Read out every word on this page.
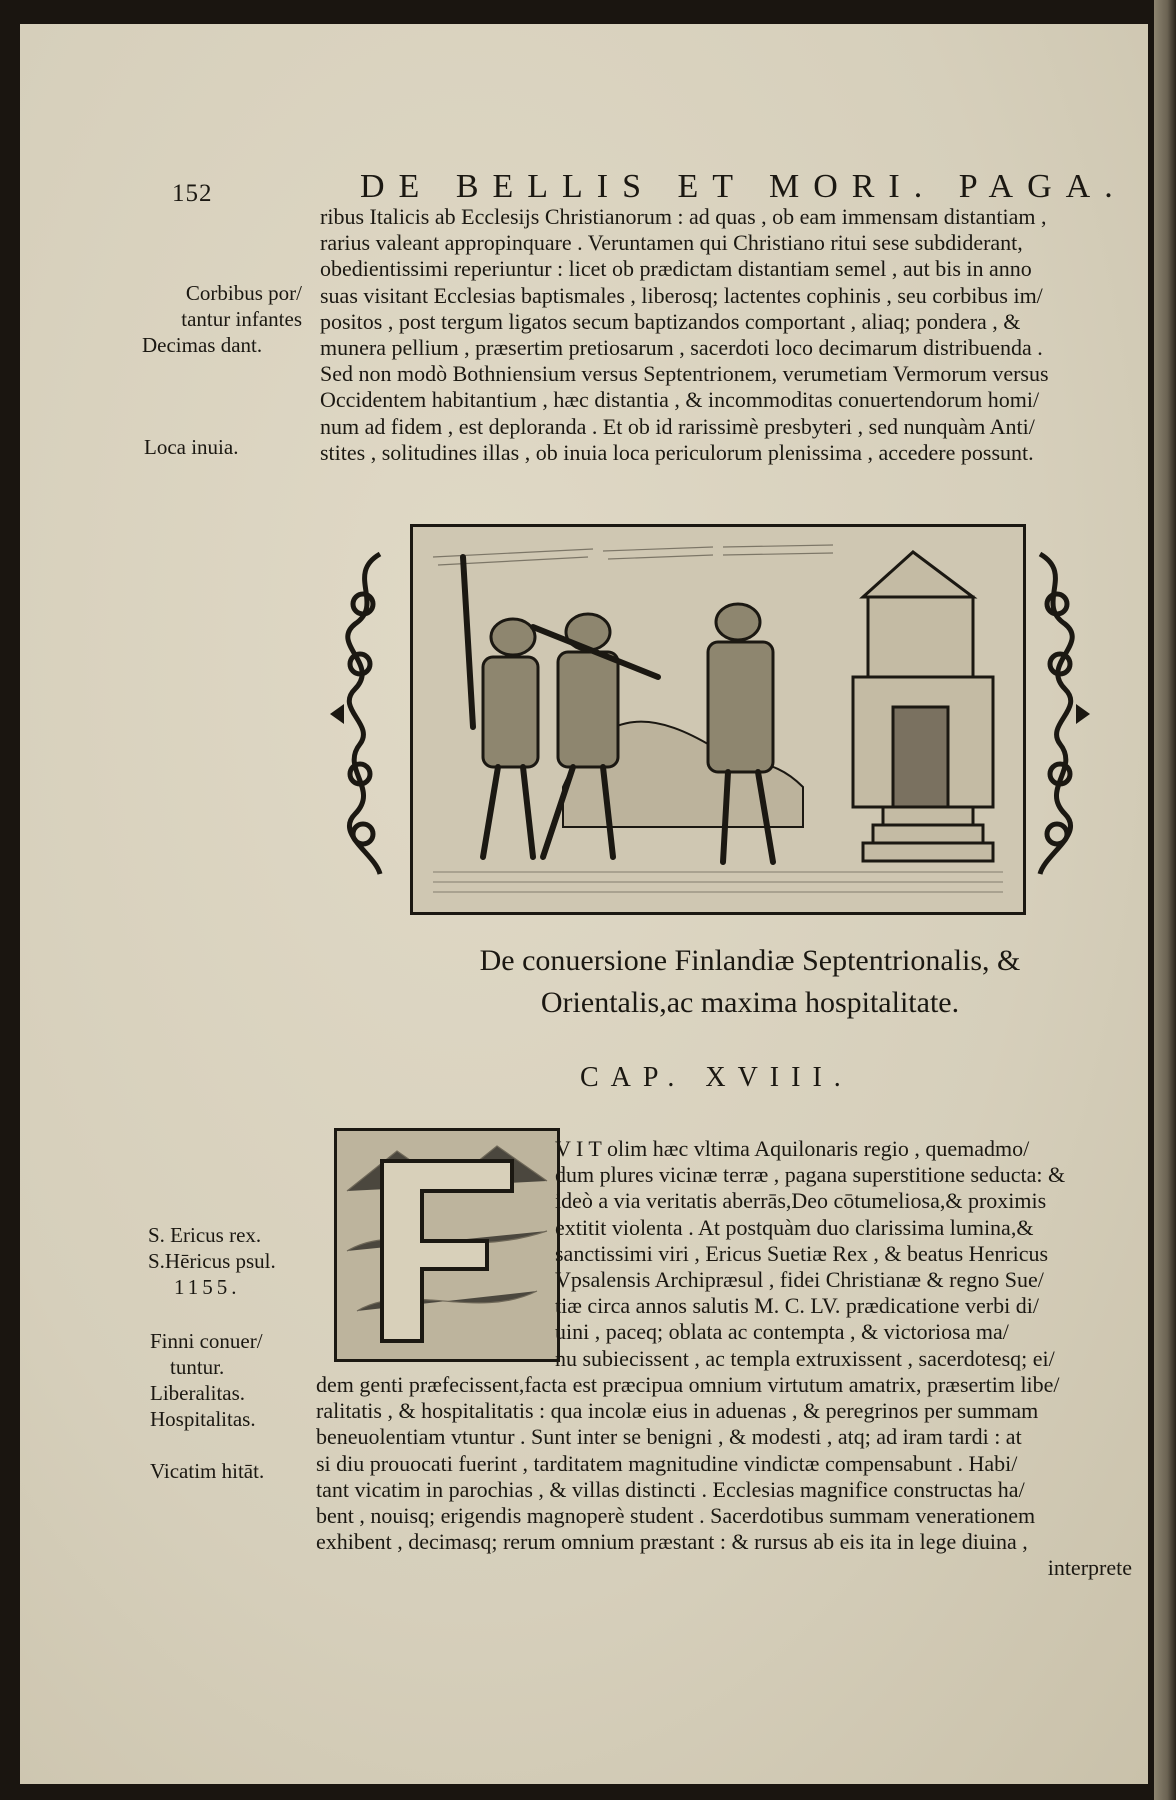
152	DE BELLIS ET MORI. PAGA.
ribus Italicis ab Ecclesijs Christianorum : ad quas , ob eam immensam distantiam ,
rarius valeant appropinquare . Veruntamen qui Christiano ritui sese subdiderant,
obedientissimi reperiuntur : licet ob prædictam distantiam semel , aut bis in anno
suas visitant Ecclesias baptismales , liberosq; lactentes cophinis , seu corbibus im/
positos , post tergum ligatos secum baptizandos comportant , aliaq; pondera , &
munera pellium , præsertim pretiosarum , sacerdoti loco decimarum distribuenda .
Sed non modò Bothniensium versus Septentrionem, verumetiam Vermorum versus
Occidentem habitantium , hæc distantia , & incommoditas conuertendorum homi/
num ad fidem , est deploranda . Et ob id rarissimè presbyteri , sed nunquàm Anti/
stites , solitudines illas , ob inuia loca periculorum plenissima , accedere possunt.
Corbibus por/
tantur infantes
Decimas dant.
Loca inuia.
De conuersione Finlandiæ Septentrionalis, &
Orientalis,ac maxima hospitalitate.
CAP. XVIII.
V I T olim hæc vltima Aquilonaris regio , quemadmo/
dum plures vicinæ terræ , pagana superstitione seducta: &
ideò a via veritatis aberrās,Deo cōtumeliosa,& proximis
extitit violenta . At postquàm duo clarissima lumina,&
sanctissimi viri , Ericus Suetiæ Rex , & beatus Henricus
Vpsalensis Archipræsul , fidei Christianæ & regno Sue/
tiæ circa annos salutis M. C. LV. prædicatione verbi di/
uini , paceq; oblata ac contempta , & victoriosa ma/
nu subiecissent , ac templa extruxissent , sacerdotesq; ei/
dem genti præfecissent,facta est præcipua omnium virtutum amatrix, præsertim libe/
ralitatis , & hospitalitatis : qua incolæ eius in aduenas , & peregrinos per summam
beneuolentiam vtuntur . Sunt inter se benigni , & modesti , atq; ad iram tardi : at
si diu prouocati fuerint , tarditatem magnitudine vindictæ compensabunt . Habi/
tant vicatim in parochias , & villas distincti . Ecclesias magnifice constructas ha/
bent , nouisq; erigendis magnoperè student . Sacerdotibus summam venerationem
exhibent , decimasq; rerum omnium præstant : & rursus ab eis ita in lege diuina ,
interprete
S. Ericus rex.
S.Hēricus psul.
1155.
Finni conuer/
tuntur.
Liberalitas.
Hospitalitas.
Vicatim hitāt.
